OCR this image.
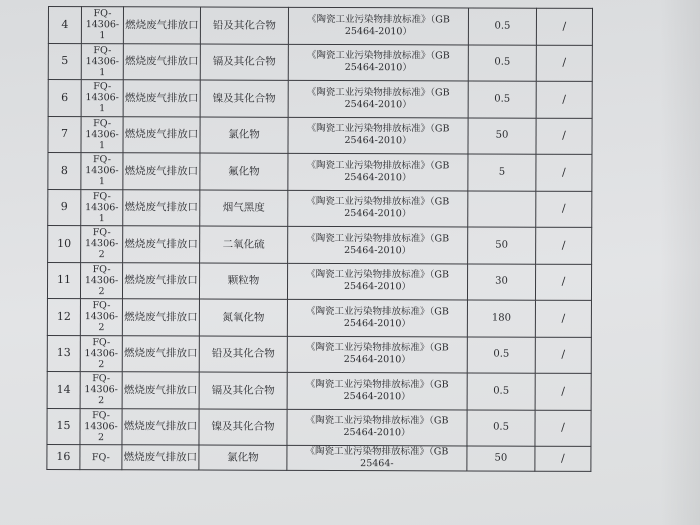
4	FQ-
14306-
1	燃烧废气排放口	铅及其化合物	《陶瓷工业污染物排放标准》（GB 25464-2010）	0.5	/
5	FQ-
14306-
1	燃烧废气排放口	镉及其化合物	《陶瓷工业污染物排放标准》（GB 25464-2010）	0.5	/
6	FQ-
14306-
1	燃烧废气排放口	镍及其化合物	《陶瓷工业污染物排放标准》（GB 25464-2010）	0.5	/
7	FQ-
14306-
1	燃烧废气排放口	氯化物	《陶瓷工业污染物排放标准》（GB 25464-2010）	50	/
8	FQ-
14306-
1	燃烧废气排放口	氟化物	《陶瓷工业污染物排放标准》（GB 25464-2010）	5	/
9	FQ-
14306-
1	燃烧废气排放口	烟气黑度	《陶瓷工业污染物排放标准》（GB 25464-2010）		/
10	FQ-
14306-
2	燃烧废气排放口	二氧化硫	《陶瓷工业污染物排放标准》（GB 25464-2010）	50	/
11	FQ-
14306-
2	燃烧废气排放口	颗粒物	《陶瓷工业污染物排放标准》（GB 25464-2010）	30	/
12	FQ-
14306-
2	燃烧废气排放口	氮氧化物	《陶瓷工业污染物排放标准》（GB 25464-2010）	180	/
13	FQ-
14306-
2	燃烧废气排放口	铅及其化合物	《陶瓷工业污染物排放标准》（GB 25464-2010）	0.5	/
14	FQ-
14306-
2	燃烧废气排放口	镉及其化合物	《陶瓷工业污染物排放标准》（GB 25464-2010）	0.5	/
15	FQ-
14306-
2	燃烧废气排放口	镍及其化合物	《陶瓷工业污染物排放标准》（GB 25464-2010）	0.5	/
16	FQ-	燃烧废气排放口	氯化物	《陶瓷工业污染物排放标准》（GB 25464-	50	/
